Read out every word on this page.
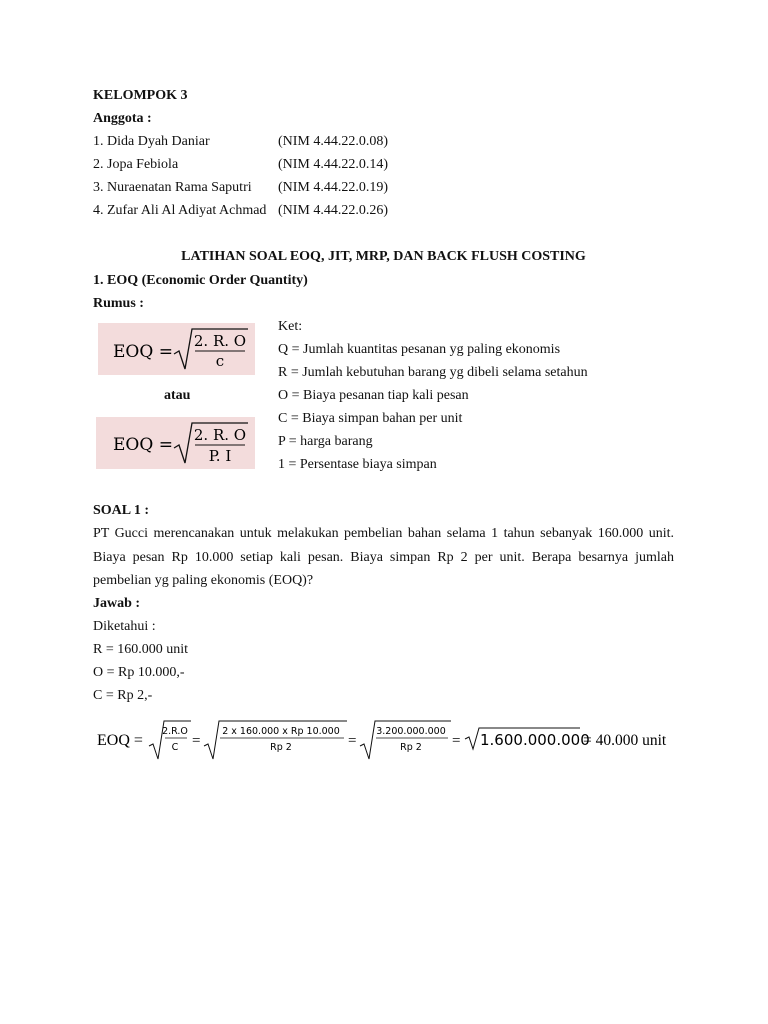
KELOMPOK 3
Anggota :
1. Dida Dyah Daniar	(NIM 4.44.22.0.08)
2. Jopa Febiola	(NIM 4.44.22.0.14)
3. Nuraenatan Rama Saputri (NIM 4.44.22.0.19)
4. Zufar Ali Al Adiyat Achmad (NIM 4.44.22.0.26)
LATIHAN SOAL EOQ, JIT, MRP, DAN BACK FLUSH COSTING
1. EOQ (Economic Order Quantity)
Rumus :
EOQ =
2. R. O
c
atau
EOQ = 2. R. O
P. I
Ket:
Q = Jumlah kuantitas pesanan yg paling ekonomis
R = Jumlah kebutuhan barang yg dibeli selama setahun
O = Biaya pesanan tiap kali pesan
C = Biaya simpan bahan per unit
P = harga barang
1 = Persentase biaya simpan
SOAL 1 :
PT Gucci merencanakan untuk melakukan pembelian bahan selama 1 tahun sebanyak 160.000 unit. Biaya pesan Rp 10.000 setiap kali pesan. Biaya simpan Rp 2 per unit. Berapa besarnya jumlah pembelian yg paling ekonomis (EOQ)?
Jawab :
Diketahui :
R = 160.000 unit
O = Rp 10.000,-
C = Rp 2,-
EOQ =
2.R.O
C =
2 x 160.000 x Rp 10.000
Rp 2	=
3.200.000.000
Rp 2 = 1.600.000.000
= 40.000 unit
